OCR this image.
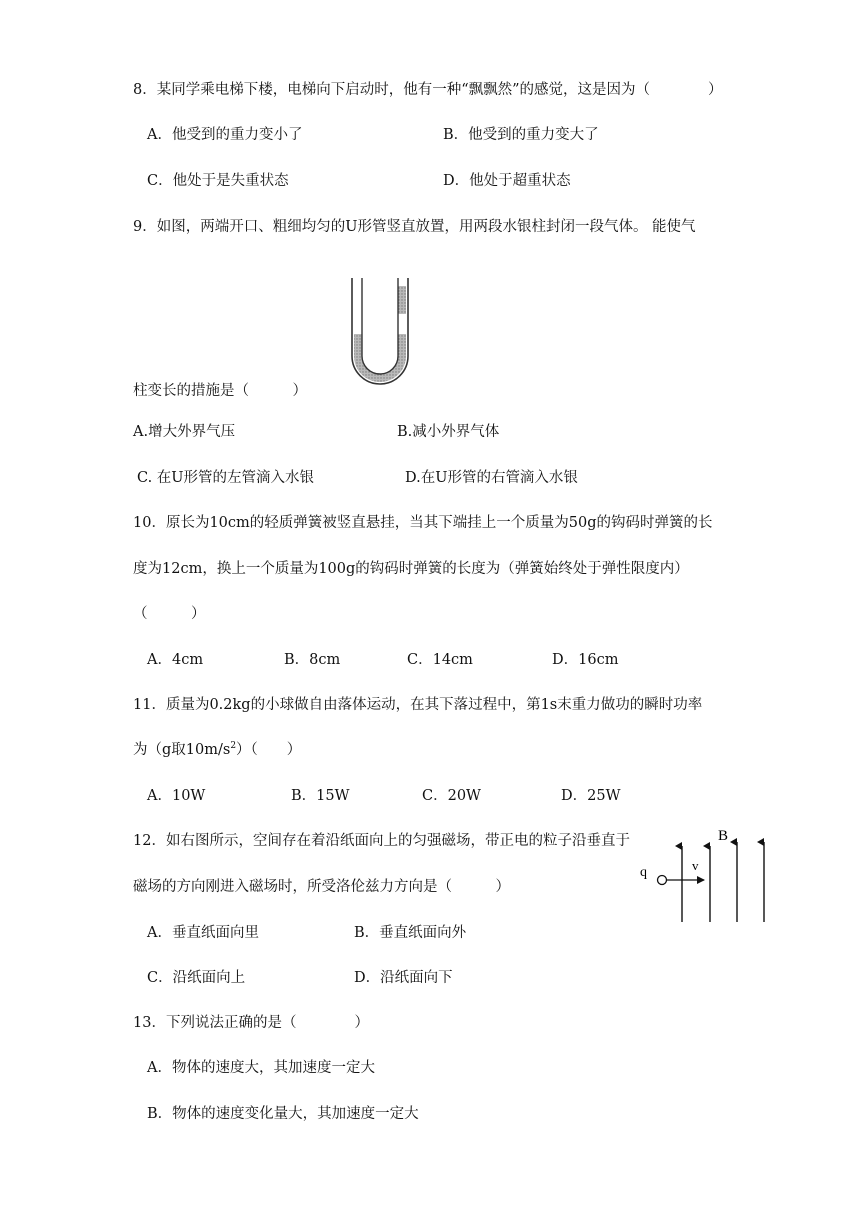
8．某同学乘电梯下楼，电梯向下启动时，他有一种“飘飘然”的感觉，这是因为（　　　　）
A．他受到的重力变小了	B．他受到的重力变大了
C．他处于是失重状态	D．他处于超重状态
9．如图，两端开口、粗细均匀的U形管竖直放置，用两段水银柱封闭一段气体。 能使气
柱变长的措施是（　　　）
A.增大外界气压	B.减小外界气体
C. 在U形管的左管滴入水银	D.在U形管的右管滴入水银
10．原长为10cm的轻质弹簧被竖直悬挂，当其下端挂上一个质量为50g的钩码时弹簧的长
度为12cm，换上一个质量为100g的钩码时弹簧的长度为（弹簧始终处于弹性限度内）
（　　　）
A．4cm	B．8cm	C．14cm	D．16cm
11．质量为0.2kg的小球做自由落体运动，在其下落过程中，第1s末重力做功的瞬时功率
为（g取$10m/s^2$）（　　）
A．10W	B．15W	C．20W	D．25W
12．如右图所示，空间存在着沿纸面向上的匀强磁场，带正电的粒子沿垂直于
磁场的方向刚进入磁场时，所受洛伦兹力方向是（　　　）
B
v
q
A．垂直纸面向里	B．垂直纸面向外
C．沿纸面向上	D．沿纸面向下
13．下列说法正确的是（　　　　）
A．物体的速度大，其加速度一定大
B．物体的速度变化量大，其加速度一定大
